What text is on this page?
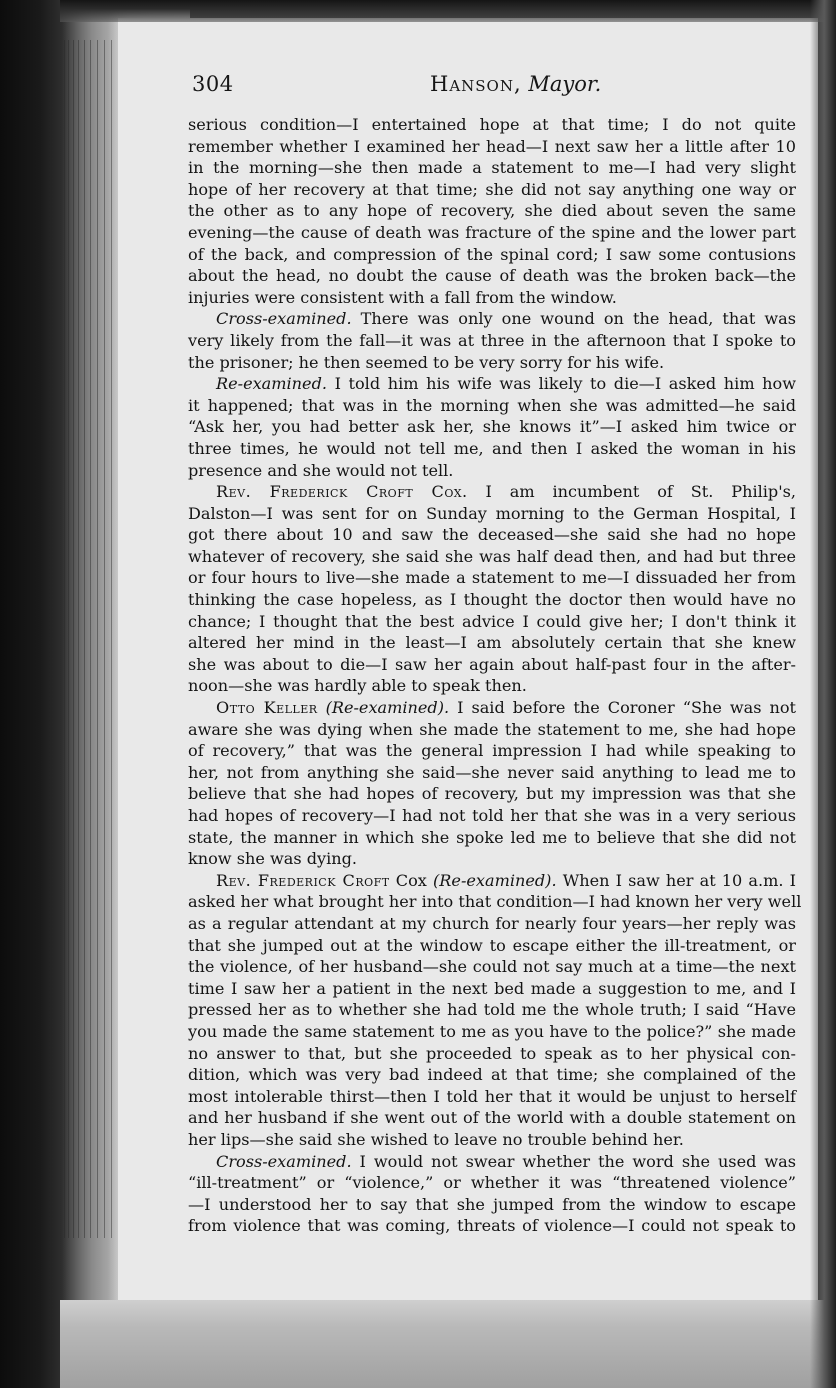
304	Hanson, Mayor.
serious condition—I entertained hope at that time; I do not quite
remember whether I examined her head—I next saw her a little after 10
in the morning—she then made a statement to me—I had very slight
hope of her recovery at that time; she did not say anything one way or
the other as to any hope of recovery, she died about seven the same
evening—the cause of death was fracture of the spine and the lower part
of the back, and compression of the spinal cord; I saw some contusions
about the head, no doubt the cause of death was the broken back—the
injuries were consistent with a fall from the window.
Cross-examined. There was only one wound on the head, that was
very likely from the fall—it was at three in the afternoon that I spoke to
the prisoner; he then seemed to be very sorry for his wife.
Re-examined. I told him his wife was likely to die—I asked him how
it happened; that was in the morning when she was admitted—he said
“Ask her, you had better ask her, she knows it”—I asked him twice or
three times, he would not tell me, and then I asked the woman in his
presence and she would not tell.
Rev. Frederick Croft Cox. I am incumbent of St. Philip's,
Dalston—I was sent for on Sunday morning to the German Hospital, I
got there about 10 and saw the deceased—she said she had no hope
whatever of recovery, she said she was half dead then, and had but three
or four hours to live—she made a statement to me—I dissuaded her from
thinking the case hopeless, as I thought the doctor then would have no
chance; I thought that the best advice I could give her; I don't think it
altered her mind in the least—I am absolutely certain that she knew
she was about to die—I saw her again about half-past four in the after-
noon—she was hardly able to speak then.
Otto Keller (Re-examined). I said before the Coroner “She was not
aware she was dying when she made the statement to me, she had hope
of recovery,” that was the general impression I had while speaking to
her, not from anything she said—she never said anything to lead me to
believe that she had hopes of recovery, but my impression was that she
had hopes of recovery—I had not told her that she was in a very serious
state, the manner in which she spoke led me to believe that she did not
know she was dying.
Rev. Frederick Croft Cox (Re-examined). When I saw her at 10 a.m. I
asked her what brought her into that condition—I had known her very well
as a regular attendant at my church for nearly four years—her reply was
that she jumped out at the window to escape either the ill-treatment, or
the violence, of her husband—she could not say much at a time—the next
time I saw her a patient in the next bed made a suggestion to me, and I
pressed her as to whether she had told me the whole truth; I said “Have
you made the same statement to me as you have to the police?” she made
no answer to that, but she proceeded to speak as to her physical con-
dition, which was very bad indeed at that time; she complained of the
most intolerable thirst—then I told her that it would be unjust to herself
and her husband if she went out of the world with a double statement on
her lips—she said she wished to leave no trouble behind her.
Cross-examined. I would not swear whether the word she used was
“ill-treatment” or “violence,” or whether it was “threatened violence”
—I understood her to say that she jumped from the window to escape
from violence that was coming, threats of violence—I could not speak to
